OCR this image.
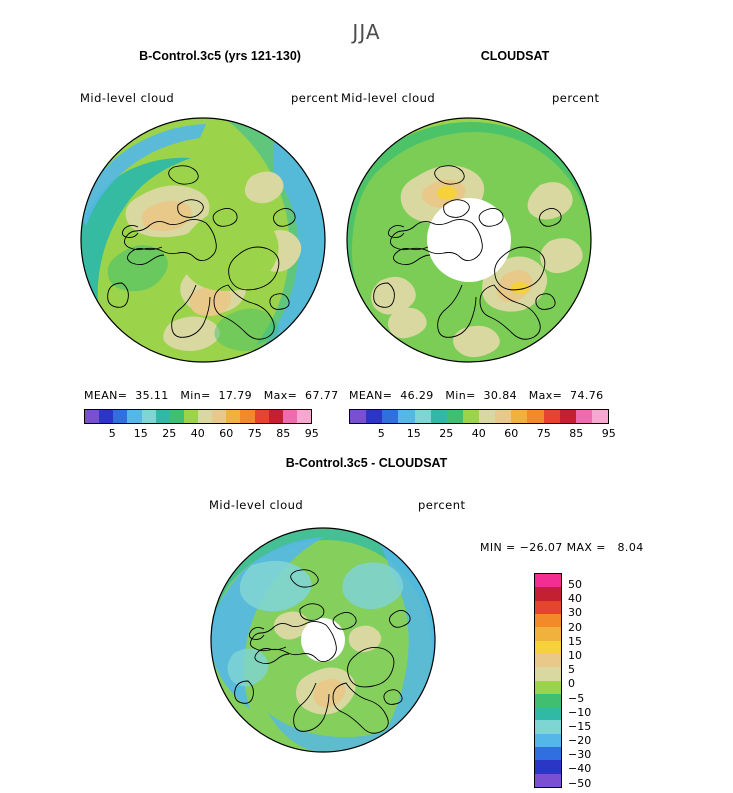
JJA
B-Control.3c5 (yrs 121-130)
Mid-level cloud	percent
MEAN=  35.11   Min=  17.79   Max=  67.77
5	15	25	40	60	75	85	95
CLOUDSAT
Mid-level cloud	percent
MEAN=  46.29   Min=  30.84   Max=  74.76
5	15	25	40	60	75	85	95
B-Control.3c5 - CLOUDSAT
Mid-level cloud	percent
MIN = −26.07 MAX =   8.04
50
40
30
20
15
10
5
0
−5
−10
−15
−20
−30
−40
−50
